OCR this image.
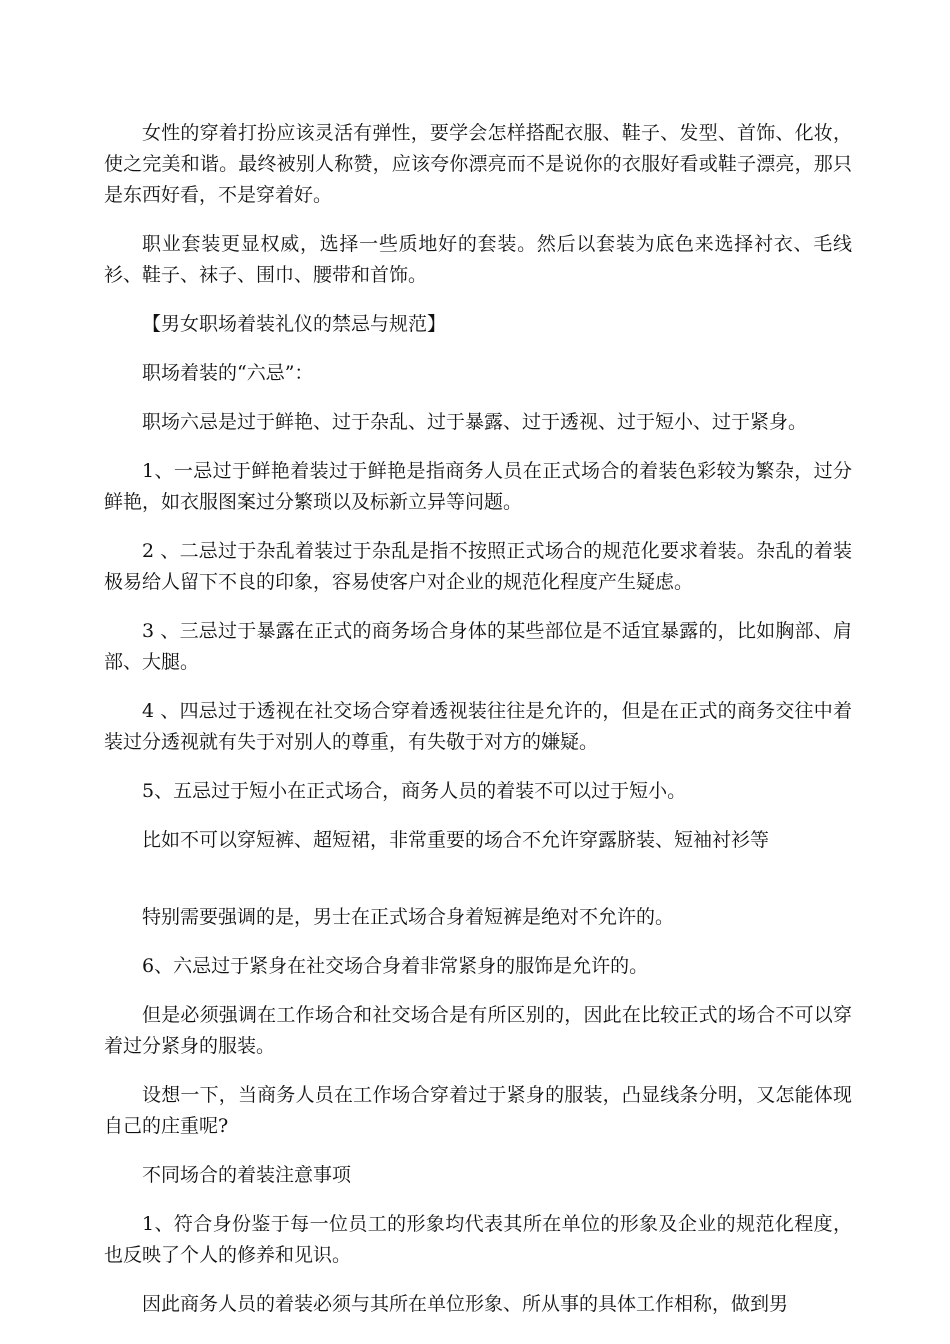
女性的穿着打扮应该灵活有弹性，要学会怎样搭配衣服、鞋子、发型、首饰、化妆，使之完美和谐。最终被别人称赞，应该夸你漂亮而不是说你的衣服好看或鞋子漂亮，那只是东西好看，不是穿着好。

职业套装更显权威，选择一些质地好的套装。然后以套装为底色来选择衬衣、毛线衫、鞋子、袜子、围巾、腰带和首饰。

【男女职场着装礼仪的禁忌与规范】

职场着装的“六忌”：

职场六忌是过于鲜艳、过于杂乱、过于暴露、过于透视、过于短小、过于紧身。

1、一忌过于鲜艳着装过于鲜艳是指商务人员在正式场合的着装色彩较为繁杂，过分鲜艳，如衣服图案过分繁琐以及标新立异等问题。

2 、二忌过于杂乱着装过于杂乱是指不按照正式场合的规范化要求着装。杂乱的着装极易给人留下不良的印象，容易使客户对企业的规范化程度产生疑虑。

3 、三忌过于暴露在正式的商务场合身体的某些部位是不适宜暴露的，比如胸部、肩部、大腿。

4 、四忌过于透视在社交场合穿着透视装往往是允许的，但是在正式的商务交往中着装过分透视就有失于对别人的尊重，有失敬于对方的嫌疑。

5、五忌过于短小在正式场合，商务人员的着装不可以过于短小。

比如不可以穿短裤、超短裙，非常重要的场合不允许穿露脐装、短袖衬衫等

特别需要强调的是，男士在正式场合身着短裤是绝对不允许的。

6、六忌过于紧身在社交场合身着非常紧身的服饰是允许的。

但是必须强调在工作场合和社交场合是有所区别的，因此在比较正式的场合不可以穿着过分紧身的服装。

设想一下，当商务人员在工作场合穿着过于紧身的服装，凸显线条分明，又怎能体现自己的庄重呢?

不同场合的着装注意事项

1、符合身份鉴于每一位员工的形象均代表其所在单位的形象及企业的规范化程度，也反映了个人的修养和见识。

因此商务人员的着装必须与其所在单位形象、所从事的具体工作相称，做到男
